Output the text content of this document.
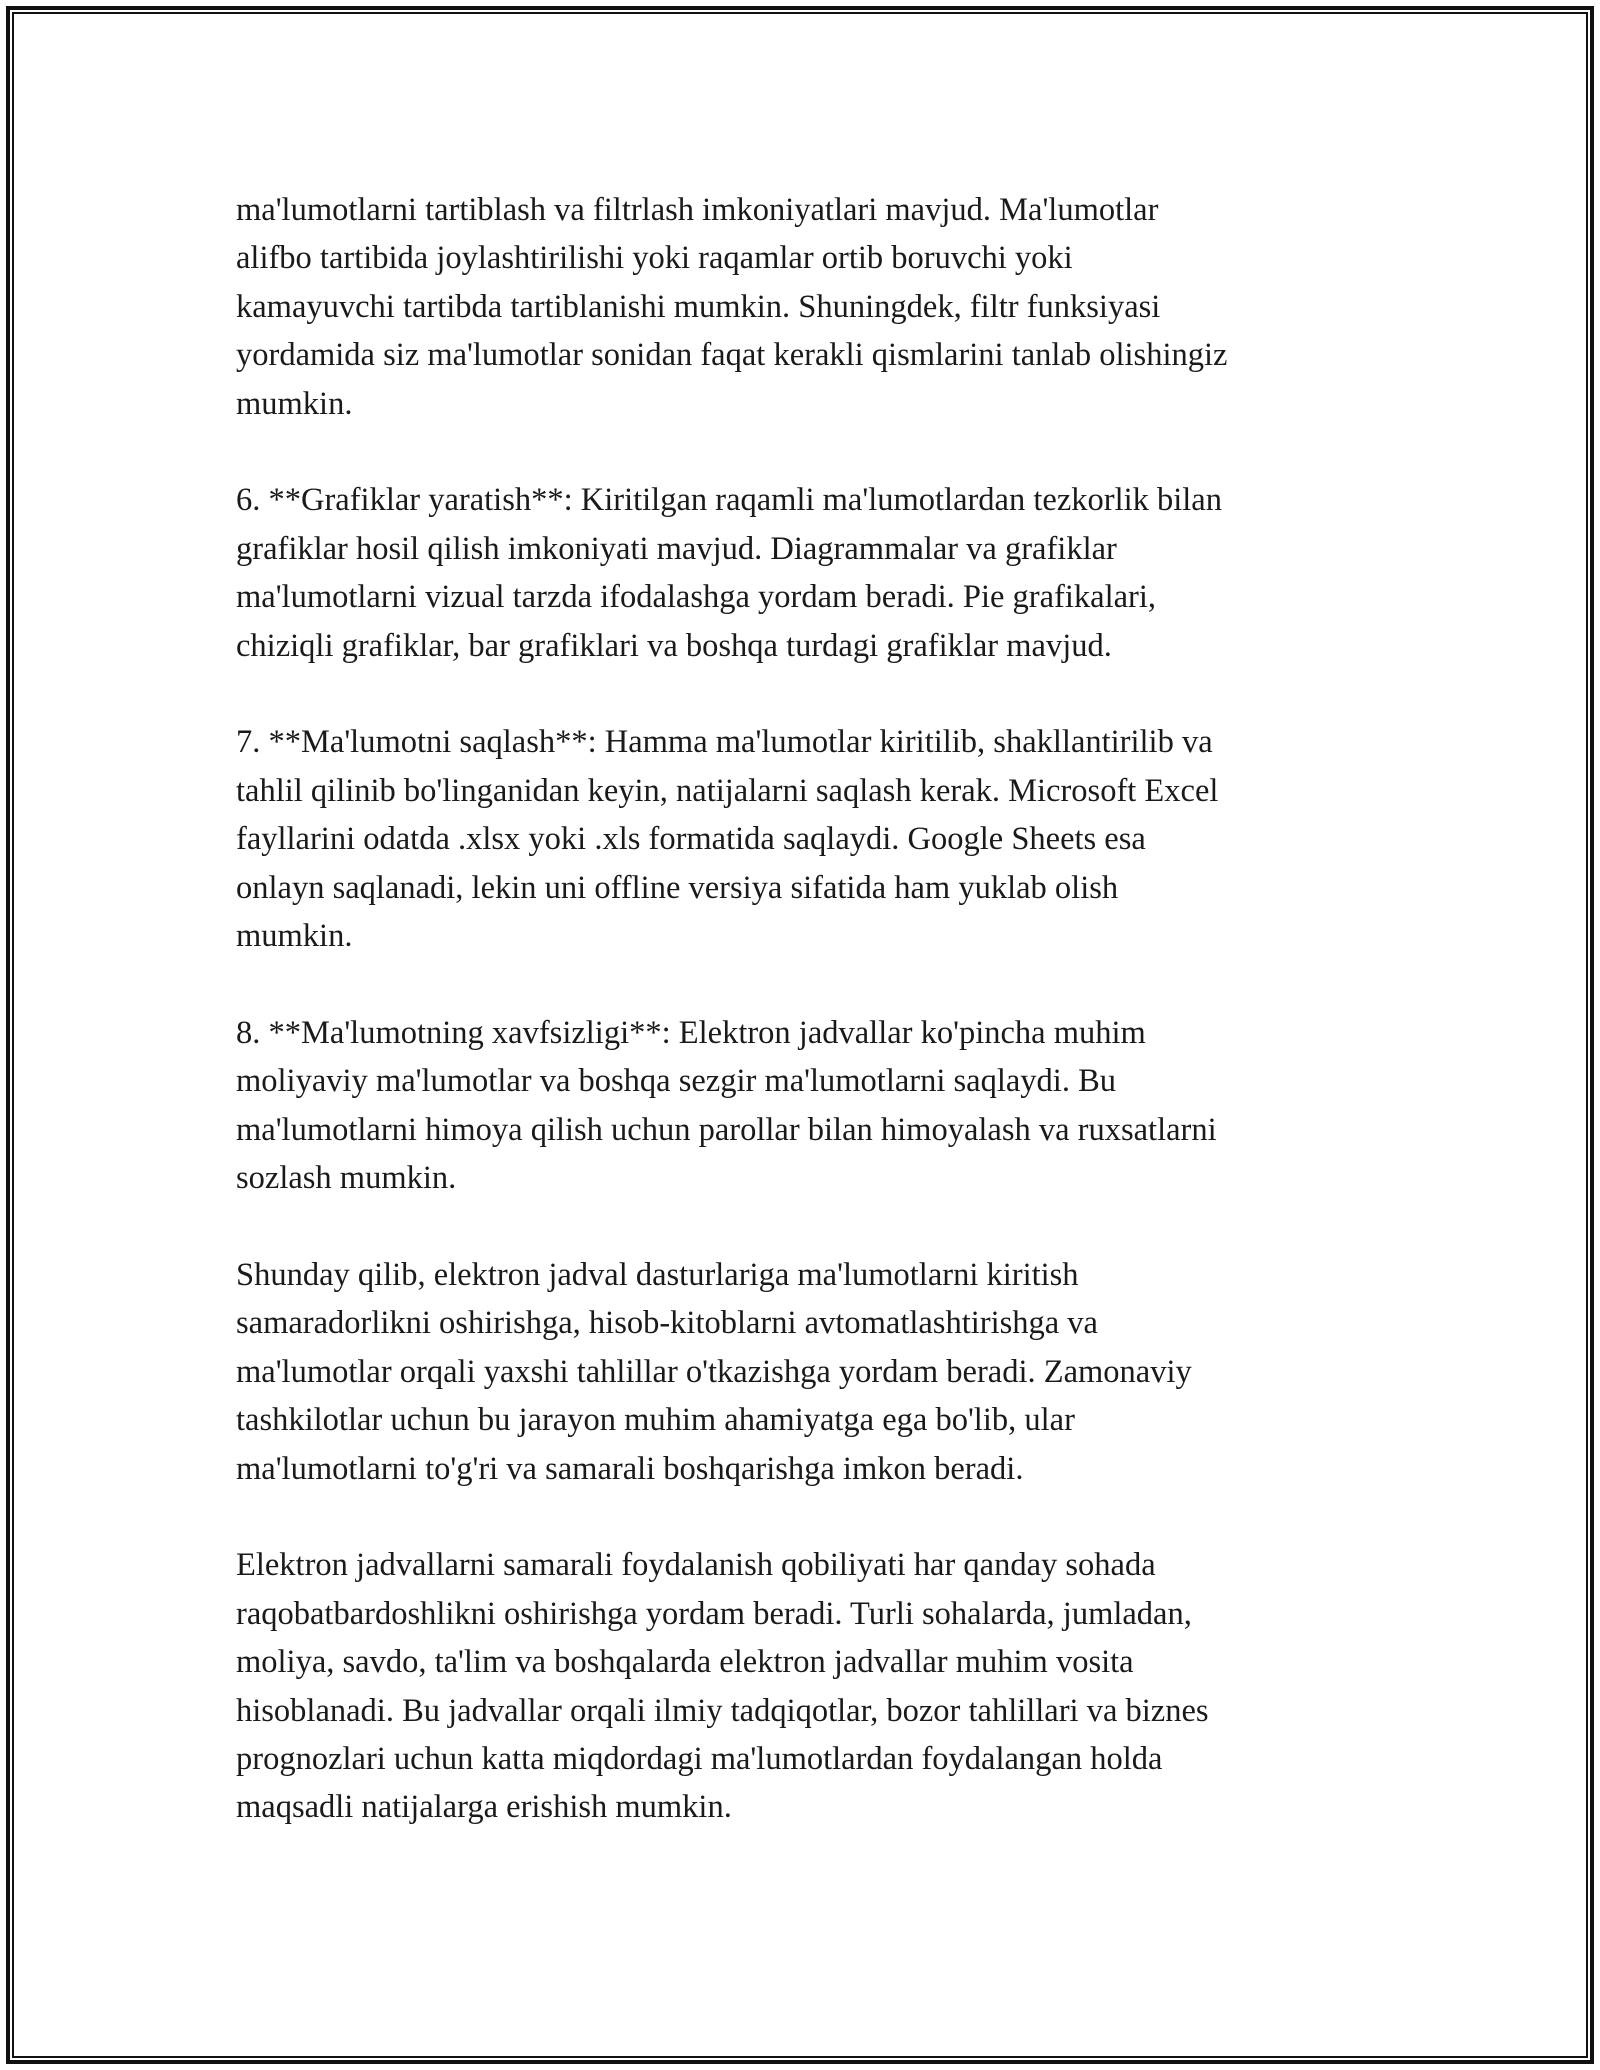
ma'lumotlarni tartiblash va filtrlash imkoniyatlari mavjud. Ma'lumotlar
alifbo tartibida joylashtirilishi yoki raqamlar ortib boruvchi yoki
kamayuvchi tartibda tartiblanishi mumkin. Shuningdek, filtr funksiyasi
yordamida siz ma'lumotlar sonidan faqat kerakli qismlarini tanlab olishingiz
mumkin.

6. **Grafiklar yaratish**: Kiritilgan raqamli ma'lumotlardan tezkorlik bilan
grafiklar hosil qilish imkoniyati mavjud. Diagrammalar va grafiklar
ma'lumotlarni vizual tarzda ifodalashga yordam beradi. Pie grafikalari,
chiziqli grafiklar, bar grafiklari va boshqa turdagi grafiklar mavjud.

7. **Ma'lumotni saqlash**: Hamma ma'lumotlar kiritilib, shakllantirilib va
tahlil qilinib bo'linganidan keyin, natijalarni saqlash kerak. Microsoft Excel
fayllarini odatda .xlsx yoki .xls formatida saqlaydi. Google Sheets esa
onlayn saqlanadi, lekin uni offline versiya sifatida ham yuklab olish
mumkin.

8. **Ma'lumotning xavfsizligi**: Elektron jadvallar ko'pincha muhim
moliyaviy ma'lumotlar va boshqa sezgir ma'lumotlarni saqlaydi. Bu
ma'lumotlarni himoya qilish uchun parollar bilan himoyalash va ruxsatlarni
sozlash mumkin.

Shunday qilib, elektron jadval dasturlariga ma'lumotlarni kiritish
samaradorlikni oshirishga, hisob-kitoblarni avtomatlashtirishga va
ma'lumotlar orqali yaxshi tahlillar o'tkazishga yordam beradi. Zamonaviy
tashkilotlar uchun bu jarayon muhim ahamiyatga ega bo'lib, ular
ma'lumotlarni to'g'ri va samarali boshqarishga imkon beradi.

Elektron jadvallarni samarali foydalanish qobiliyati har qanday sohada
raqobatbardoshlikni oshirishga yordam beradi. Turli sohalarda, jumladan,
moliya, savdo, ta'lim va boshqalarda elektron jadvallar muhim vosita
hisoblanadi. Bu jadvallar orqali ilmiy tadqiqotlar, bozor tahlillari va biznes
prognozlari uchun katta miqdordagi ma'lumotlardan foydalangan holda
maqsadli natijalarga erishish mumkin.
